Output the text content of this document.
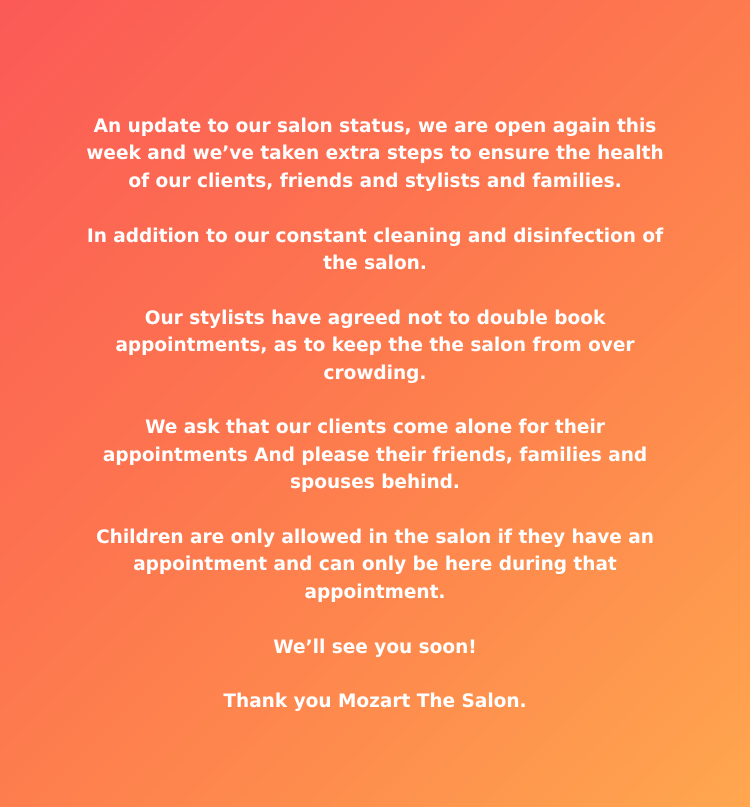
An update to our salon status, we are open again this week and we’ve taken extra steps to ensure the health of our clients, friends and stylists and families.

In addition to our constant cleaning and disinfection of the salon.

Our stylists have agreed not to double book appointments, as to keep the the salon from over crowding.

We ask that our clients come alone for their appointments And please their friends, families and spouses behind.

Children are only allowed in the salon if they have an appointment and can only be here during that appointment.

We’ll see you soon!

Thank you Mozart The Salon.
